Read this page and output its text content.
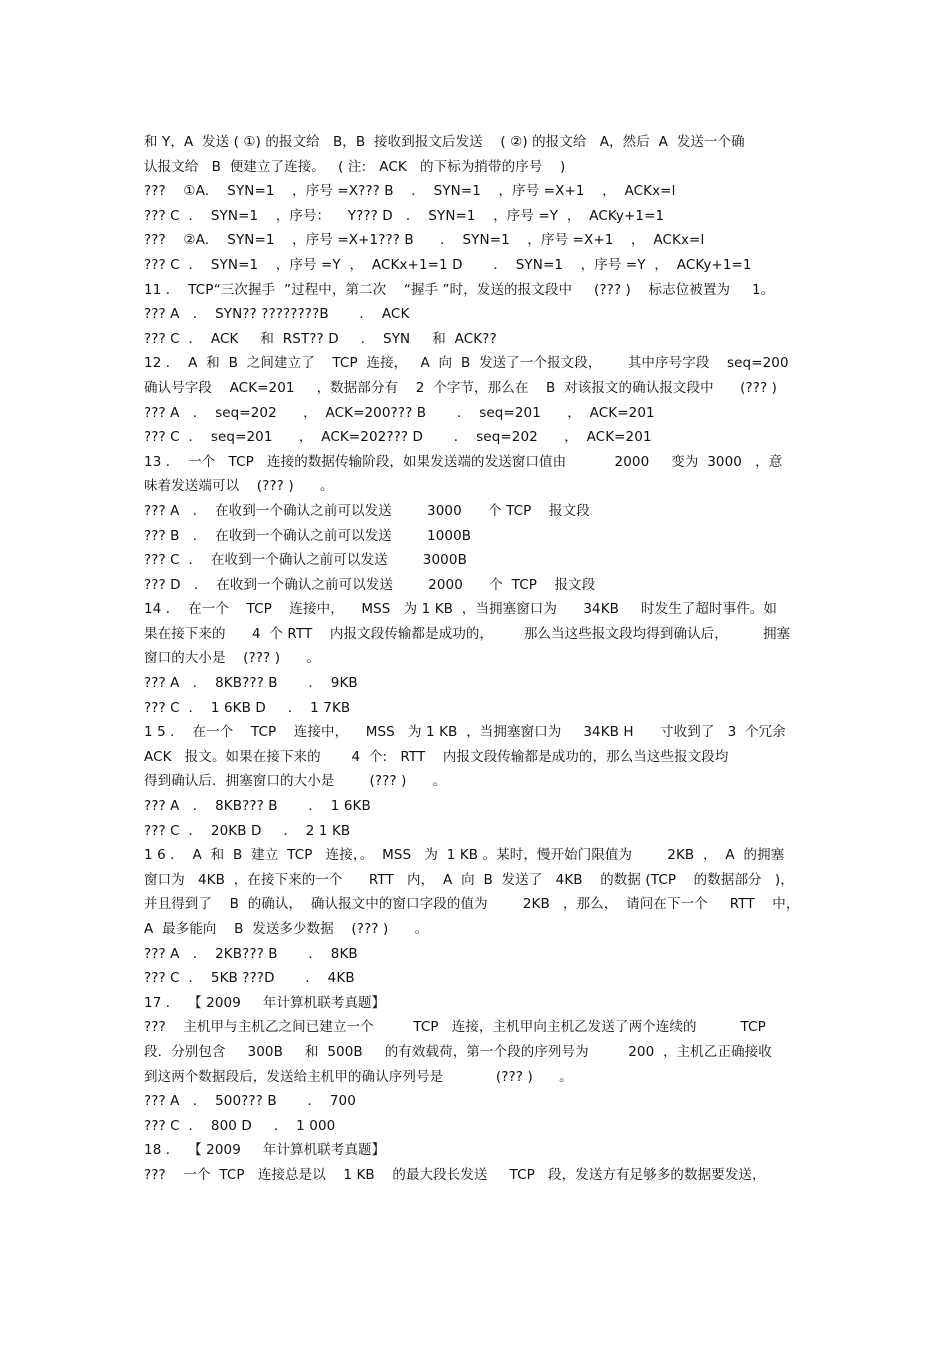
和 Y，A  发送 ( ①) 的报文给   B，B  接收到报文后发送    ( ②) 的报文给   A，然后  A  发送一个确
认报文给   B  便建立了连接。   ( 注:   ACK   的下标为捎带的序号    )
???    ①A．  SYN=1    ，序号 =X??? B    ．  SYN=1    ，序号 =X+1    ，  ACKx=l
??? C  ．  SYN=1    ，序号：    Y??? D   ．  SYN=1    ，序号 =Y  ，  ACKy+1=1
???    ②A．  SYN=1    ，序号 =X+1??? B      ．  SYN=1    ，序号 =X+1    ，  ACKx=l
??? C  ．  SYN=1    ，序号 =Y  ，  ACKx+1=1 D       ．  SYN=1    ，序号 =Y  ，  ACKy+1=1
11 ．  TCP“三次握手  ”过程中，第二次    “握手 ”时，发送的报文段中     (??? )    标志位被置为     1。
??? A   ．  SYN?? ????????B       ．  ACK
??? C  ．  ACK     和  RST?? D     ．  SYN     和  ACK??
12 ．  A  和  B  之间建立了    TCP  连接，   A  向  B  发送了一个报文段，      其中序号字段    seq=200
确认号字段    ACK=201     ，数据部分有    2  个字节，那么在    B  对该报文的确认报文段中      (??? )
??? A   ．  seq=202      ，  ACK=200??? B       ．  seq=201      ，  ACK=201
??? C  ．  seq=201      ，  ACK=202??? D       ．  seq=202      ，  ACK=201
13 ．  一个   TCP   连接的数据传输阶段，如果发送端的发送窗口值由           2000     变为  3000   ，意
味着发送端可以    (??? )      。
??? A   ．  在收到一个确认之前可以发送        3000      个 TCP    报文段
??? B   ．  在收到一个确认之前可以发送        1000B
??? C  ．  在收到一个确认之前可以发送        3000B
??? D   ．  在收到一个确认之前可以发送        2000      个  TCP    报文段
14 ．  在一个    TCP    连接中，    MSS   为 1 KB  ，当拥塞窗口为      34KB     时发生了超时事件。如
果在接下来的      4  个 RTT    内报文段传输都是成功的，       那么当这些报文段均得到确认后，        拥塞
窗口的大小是    (??? )      。
??? A   ．  8KB??? B       ．  9KB
??? C  ．  1 6KB D     ．  1 7KB
1 5 ．  在一个    TCP    连接中，    MSS   为 1 KB  ，当拥塞窗口为     34KB H      寸收到了   3  个冗余
ACK   报文。如果在接下来的       4  个:   RTT    内报文段传输都是成功的，那么当这些报文段均
得到确认后．拥塞窗口的大小是        (??? )      。
??? A   ．  8KB??? B       ．  1 6KB
??? C  ．  20KB D     ．  2 1 KB
1 6 ．  A  和  B  建立  TCP   连接，。  MSS   为  1 KB 。某时，慢开始门限值为        2KB  ，  A  的拥塞
窗口为   4KB  ，在接下来的一个      RTT   内，  A  向  B  发送了   4KB    的数据 (TCP    的数据部分   )，
并且得到了    B  的确认，  确认报文中的窗口字段的值为        2KB   ，那么，  请问在下一个     RTT    中，
A  最多能向    B  发送多少数据    (??? )      。
??? A   ．  2KB??? B       ．  8KB
??? C  ．  5KB ???D       ．  4KB
17 ．  【 2009     年计算机联考真题】
???    主机甲与主机乙之间已建立一个         TCP   连接，主机甲向主机乙发送了两个连续的          TCP
段．分别包含     300B     和  500B     的有效载荷，第一个段的序列号为         200  ，主机乙正确接收
到这两个数据段后，发送给主机甲的确认序列号是            (??? )      。
??? A   ．  500??? B       ．  700
??? C  ．  800 D     ．  1 000
18 ．  【 2009     年计算机联考真题】
???    一个  TCP   连接总是以    1 KB    的最大段长发送     TCP   段，发送方有足够多的数据要发送，
